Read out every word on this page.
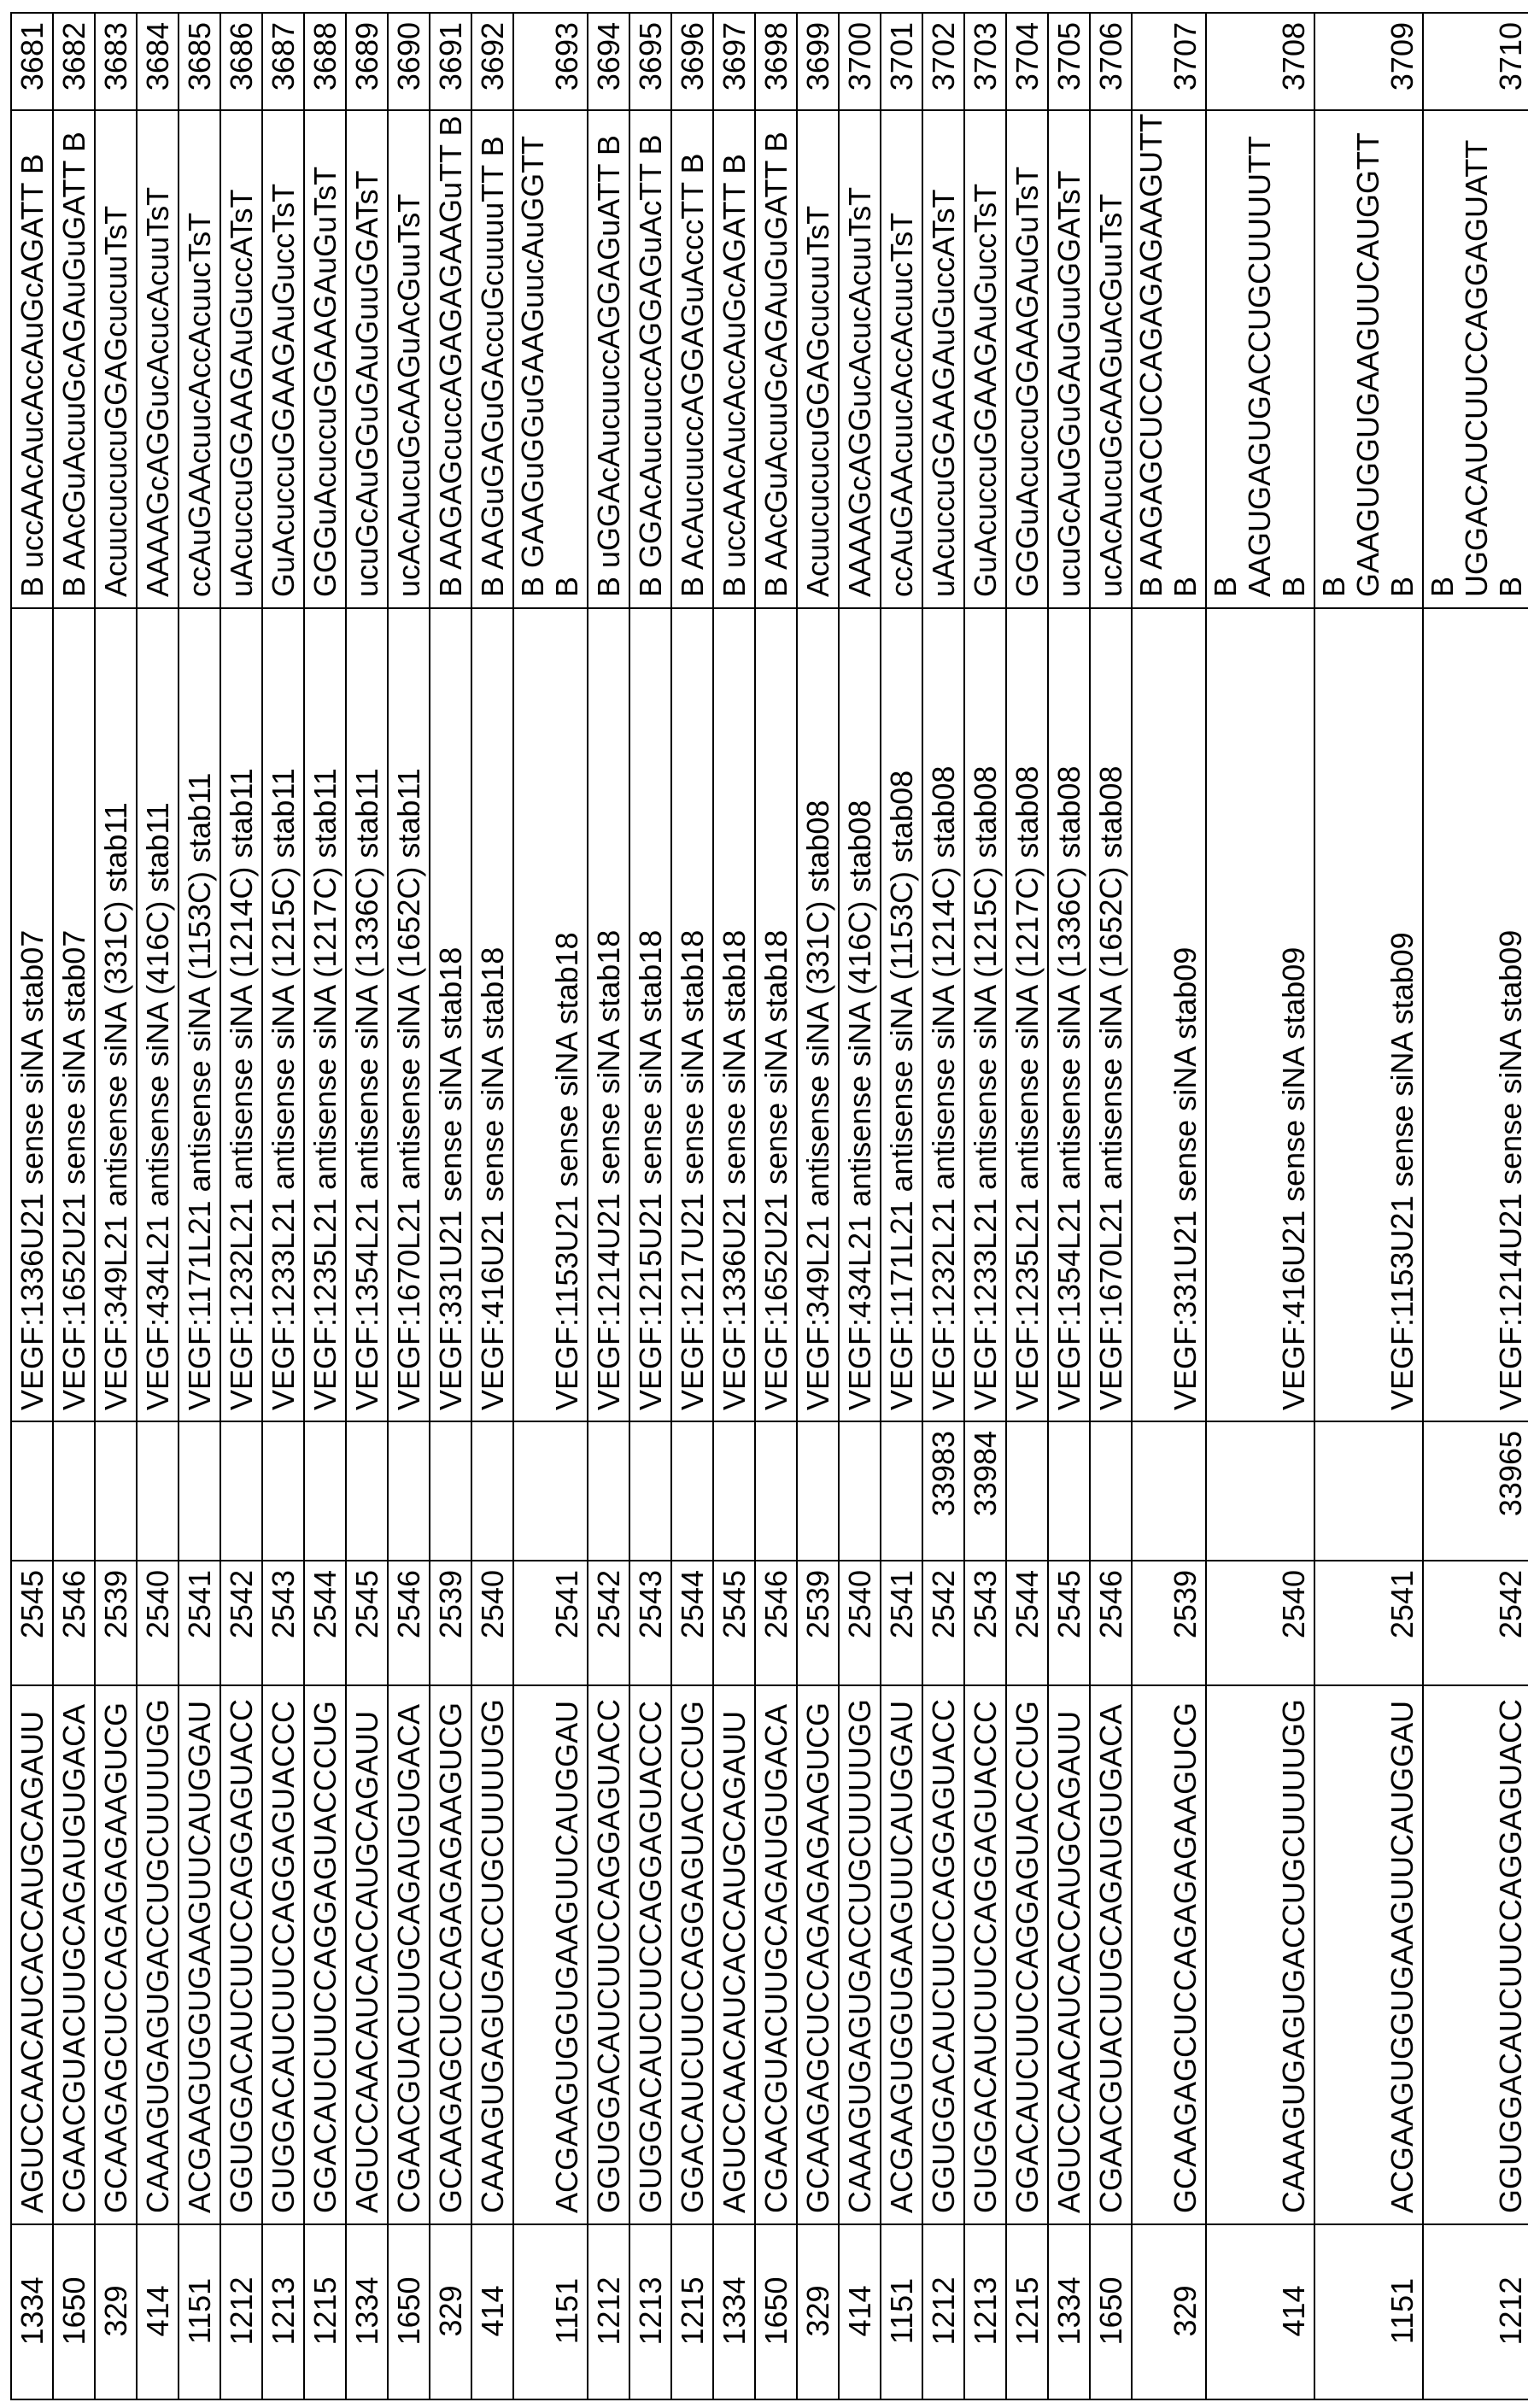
1334	AGUCCAACAUCACCAUGCAGAUU	2545		VEGF:1336U21 sense siNA stab07	B uccAAcAucAccAuGcAGATT B	3681
1650	CGAACGUACUUGCAGAUGUGACA	2546		VEGF:1652U21 sense siNA stab07	B AAcGuAcuuGcAGAuGuGATT B	3682
329	GCAAGAGCUCCAGAGAGAAGUCG	2539		VEGF:349L21 antisense siNA (331C) stab11	AcuucucucuGGAGcucuuTsT	3683
414	CAAAGUGAGUGACCUGCUUUUGG	2540		VEGF:434L21 antisense siNA (416C) stab11	AAAAGcAGGucAcucAcuuTsT	3684
1151	ACGAAGUGGUGAAGUUCAUGGAU	2541		VEGF:1171L21 antisense siNA (1153C) stab11	ccAuGAAcuucAccAcuucTsT	3685
1212	GGUGGACAUCUUCCAGGAGUACC	2542		VEGF:1232L21 antisense siNA (1214C) stab11	uAcuccuGGAAGAuGuccATsT	3686
1213	GUGGACAUCUUCCAGGAGUACCC	2543		VEGF:1233L21 antisense siNA (1215C) stab11	GuAcuccuGGAAGAuGuccTsT	3687
1215	GGACAUCUUCCAGGAGUACCCUG	2544		VEGF:1235L21 antisense siNA (1217C) stab11	GGGuAcuccuGGAAGAuGuTsT	3688
1334	AGUCCAACAUCACCAUGCAGAUU	2545		VEGF:1354L21 antisense siNA (1336C) stab11	ucuGcAuGGuGAuGuuGGATsT	3689
1650	CGAACGUACUUGCAGAUGUGACA	2546		VEGF:1670L21 antisense siNA (1652C) stab11	ucAcAucuGcAAGuAcGuuTsT	3690
329	GCAAGAGCUCCAGAGAGAAGUCG	2539		VEGF:331U21 sense siNA stab18	B AAGAGcuccAGAGAGAAGuTT B	3691
414	CAAAGUGAGUGACCUGCUUUUGG	2540		VEGF:416U21 sense siNA stab18	B AAGuGAGuGAccuGcuuuuTT B	3692
1151	ACGAAGUGGUGAAGUUCAUGGAU	2541		VEGF:1153U21 sense siNA stab18	B GAAGuGGuGAAGuucAuGGTT
B	3693
1212	GGUGGACAUCUUCCAGGAGUACC	2542		VEGF:1214U21 sense siNA stab18	B uGGAcAucuuccAGGAGuATT B	3694
1213	GUGGACAUCUUCCAGGAGUACCC	2543		VEGF:1215U21 sense siNA stab18	B GGAcAucuuccAGGAGuAcTT B	3695
1215	GGACAUCUUCCAGGAGUACCCUG	2544		VEGF:1217U21 sense siNA stab18	B AcAucuuccAGGAGuAcccTT B	3696
1334	AGUCCAACAUCACCAUGCAGAUU	2545		VEGF:1336U21 sense siNA stab18	B uccAAcAucAccAuGcAGATT B	3697
1650	CGAACGUACUUGCAGAUGUGACA	2546		VEGF:1652U21 sense siNA stab18	B AAcGuAcuuGcAGAuGuGATT B	3698
329	GCAAGAGCUCCAGAGAGAAGUCG	2539		VEGF:349L21 antisense siNA (331C) stab08	AcuucucucuGGAGcucuuTsT	3699
414	CAAAGUGAGUGACCUGCUUUUGG	2540		VEGF:434L21 antisense siNA (416C) stab08	AAAAGcAGGucAcucAcuuTsT	3700
1151	ACGAAGUGGUGAAGUUCAUGGAU	2541		VEGF:1171L21 antisense siNA (1153C) stab08	ccAuGAAcuucAccAcuucTsT	3701
1212	GGUGGACAUCUUCCAGGAGUACC	2542	33983	VEGF:1232L21 antisense siNA (1214C) stab08	uAcuccuGGAAGAuGuccATsT	3702
1213	GUGGACAUCUUCCAGGAGUACCC	2543	33984	VEGF:1233L21 antisense siNA (1215C) stab08	GuAcuccuGGAAGAuGuccTsT	3703
1215	GGACAUCUUCCAGGAGUACCCUG	2544		VEGF:1235L21 antisense siNA (1217C) stab08	GGGuAcuccuGGAAGAuGuTsT	3704
1334	AGUCCAACAUCACCAUGCAGAUU	2545		VEGF:1354L21 antisense siNA (1336C) stab08	ucuGcAuGGuGAuGuuGGATsT	3705
1650	CGAACGUACUUGCAGAUGUGACA	2546		VEGF:1670L21 antisense siNA (1652C) stab08	ucAcAucuGcAAGuAcGuuTsT	3706
329	GCAAGAGCUCCAGAGAGAAGUCG	2539		VEGF:331U21 sense siNA stab09	B AAGAGCUCCAGAGAGAAGUTT
B	3707
414	CAAAGUGAGUGACCUGCUUUUGG	2540		VEGF:416U21 sense siNA stab09	B
AAGUGAGUGACCUGCUUUUTT
B	3708
1151	ACGAAGUGGUGAAGUUCAUGGAU	2541		VEGF:1153U21 sense siNA stab09	B
GAAGUGGUGAAGUUCAUGGTT
B	3709
1212	GGUGGACAUCUUCCAGGAGUACC	2542	33965	VEGF:1214U21 sense siNA stab09	B
UGGACAUCUUCCAGGAGUATT
B	3710
